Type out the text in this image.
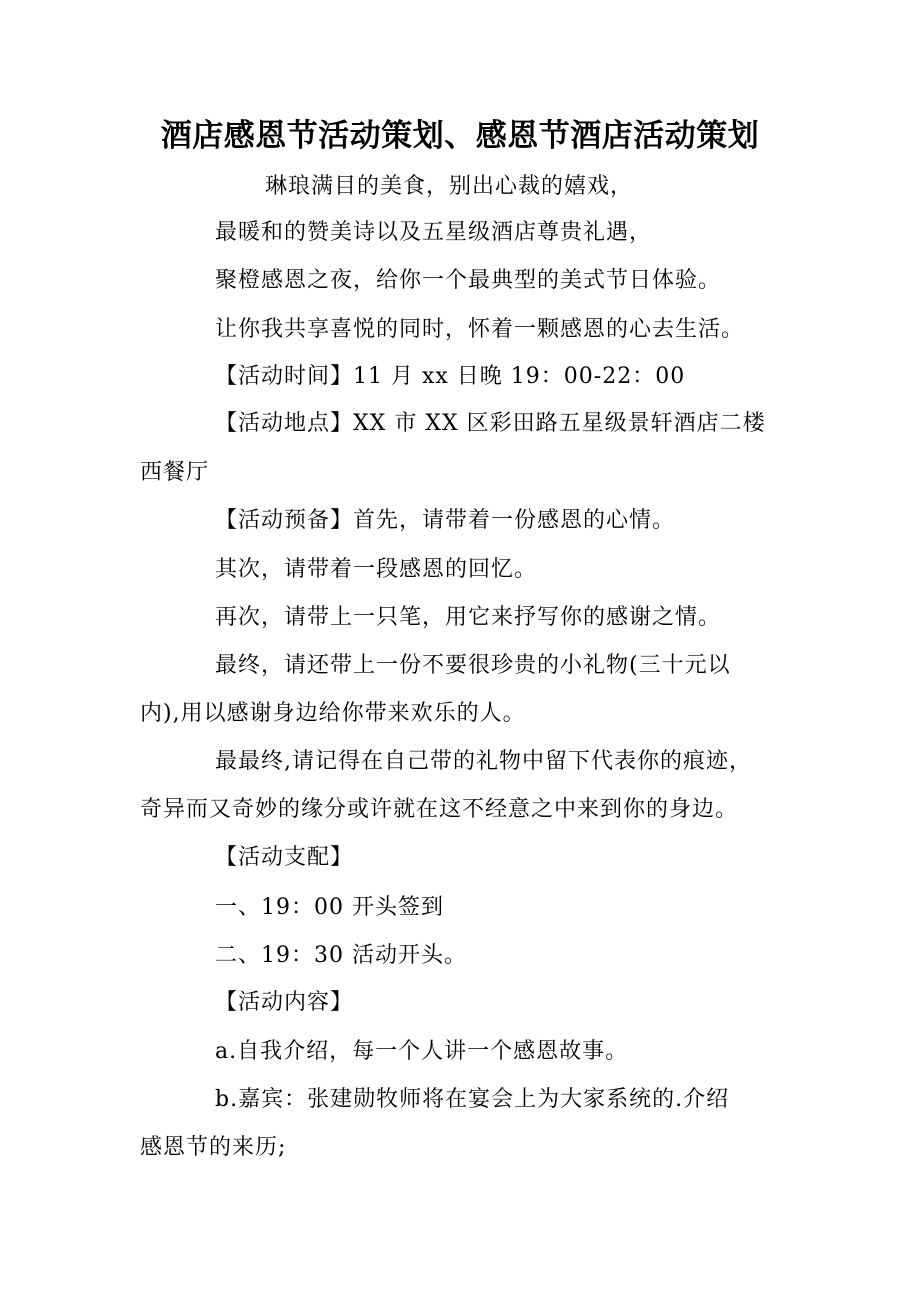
酒店感恩节活动策划、感恩节酒店活动策划
琳琅满目的美食，别出心裁的嬉戏，
最暖和的赞美诗以及五星级酒店尊贵礼遇，
聚橙感恩之夜，给你一个最典型的美式节日体验。
让你我共享喜悦的同时，怀着一颗感恩的心去生活。
【活动时间】11 月 xx 日晚 19：00-22：00
【活动地点】XX 市 XX 区彩田路五星级景轩酒店二楼
西餐厅
【活动预备】首先，请带着一份感恩的心情。
其次，请带着一段感恩的回忆。
再次，请带上一只笔，用它来抒写你的感谢之情。
最终，请还带上一份不要很珍贵的小礼物(三十元以
内),用以感谢身边给你带来欢乐的人。
最最终,请记得在自己带的礼物中留下代表你的痕迹，
奇异而又奇妙的缘分或许就在这不经意之中来到你的身边。
【活动支配】
一、19：00 开头签到
二、19：30 活动开头。
【活动内容】
a.自我介绍，每一个人讲一个感恩故事。
b.嘉宾：张建勋牧师将在宴会上为大家系统的.介绍
感恩节的来历;
